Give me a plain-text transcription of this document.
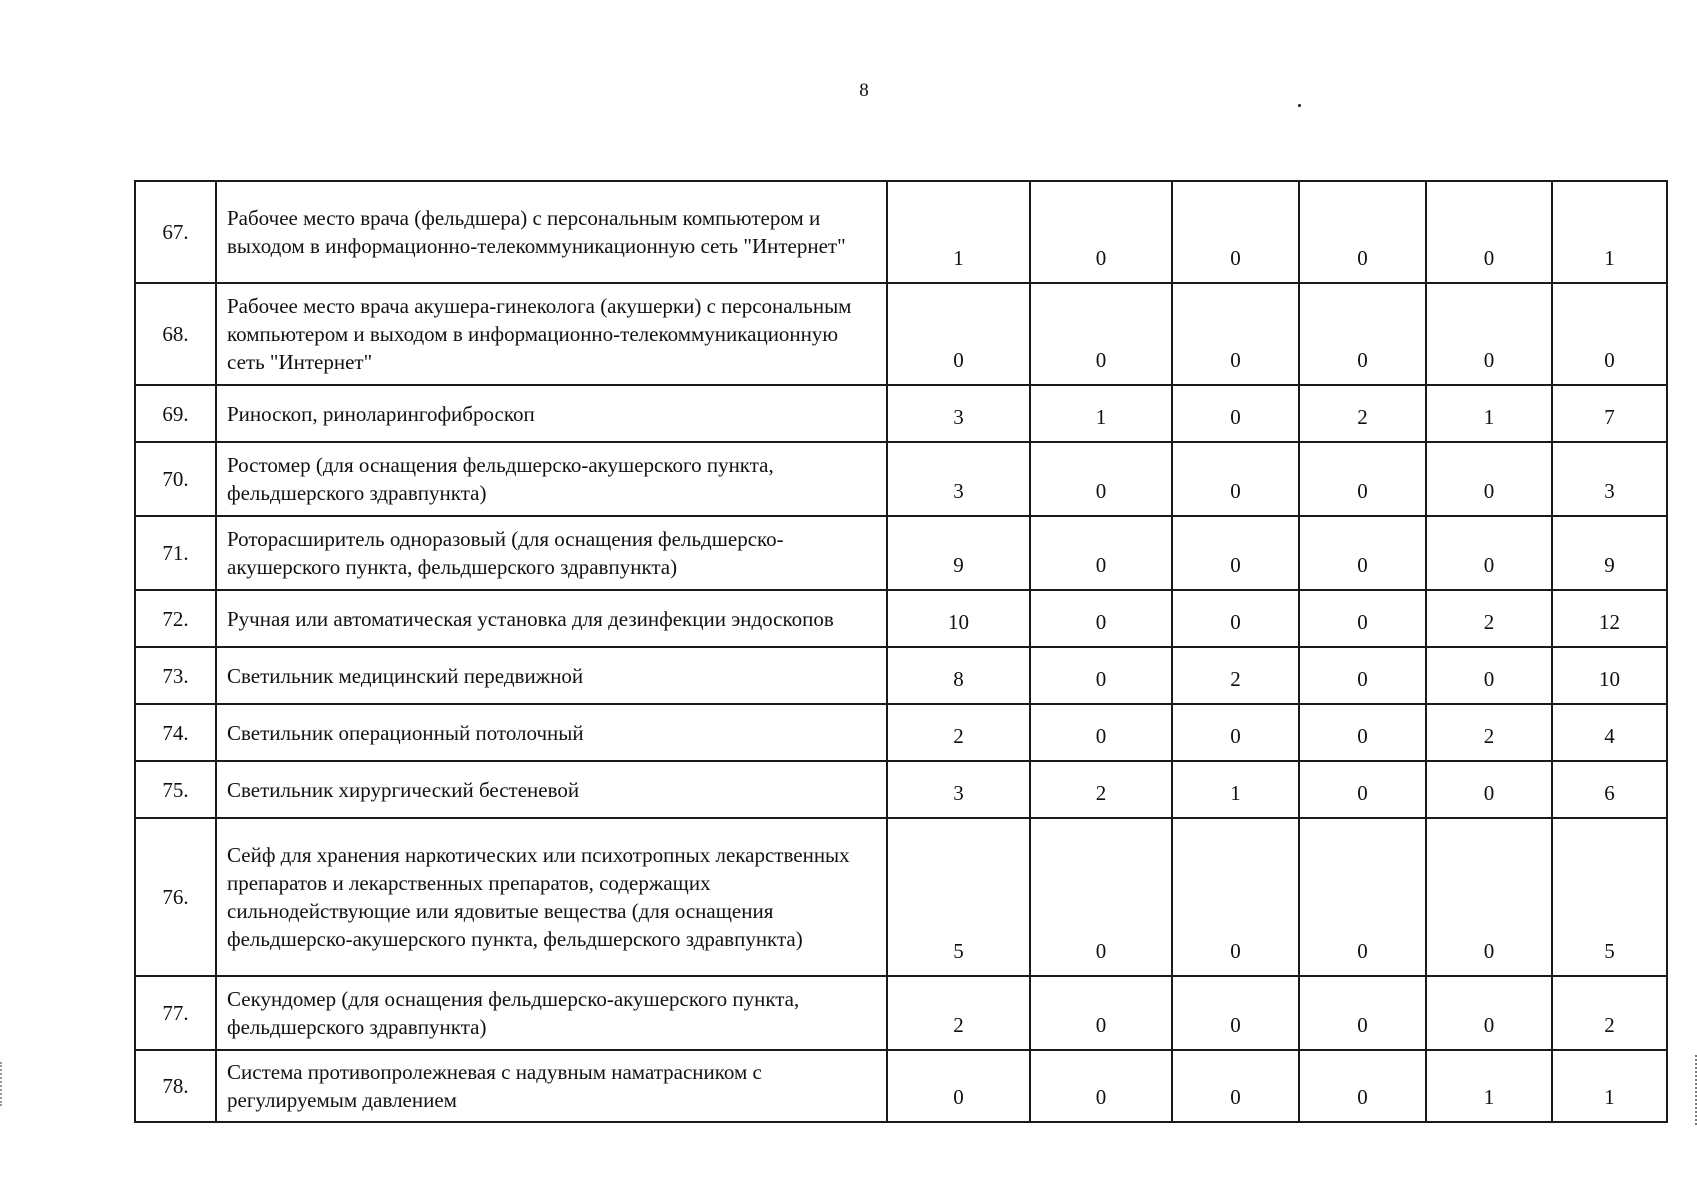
8
67.	Рабочее место врача (фельдшера) с персональным компьютером и выходом в информационно-телекоммуникационную сеть "Интернет"	1	0	0	0	0	1
68.	Рабочее место врача акушера-гинеколога (акушерки) с персональным компьютером и выходом в информационно-телекоммуникационную сеть "Интернет"	0	0	0	0	0	0
69.	Риноскоп, риноларингофиброскоп	3	1	0	2	1	7
70.	Ростомер (для оснащения фельдшерско-акушерского пункта, фельдшерского здравпункта)	3	0	0	0	0	3
71.	Роторасширитель одноразовый (для оснащения фельдшерско-акушерского пункта, фельдшерского здравпункта)	9	0	0	0	0	9
72.	Ручная или автоматическая установка для дезинфекции эндоскопов	10	0	0	0	2	12
73.	Светильник медицинский передвижной	8	0	2	0	0	10
74.	Светильник операционный потолочный	2	0	0	0	2	4
75.	Светильник хирургический бестеневой	3	2	1	0	0	6
76.	Сейф для хранения наркотических или психотропных лекарственных препаратов и лекарственных препаратов, содержащих сильнодействующие или ядовитые вещества (для оснащения фельдшерско-акушерского пункта, фельдшерского здравпункта)	5	0	0	0	0	5
77.	Секундомер (для оснащения фельдшерско-акушерского пункта, фельдшерского здравпункта)	2	0	0	0	0	2
78.	Система противопролежневая с надувным наматрасником с регулируемым давлением	0	0	0	0	1	1
